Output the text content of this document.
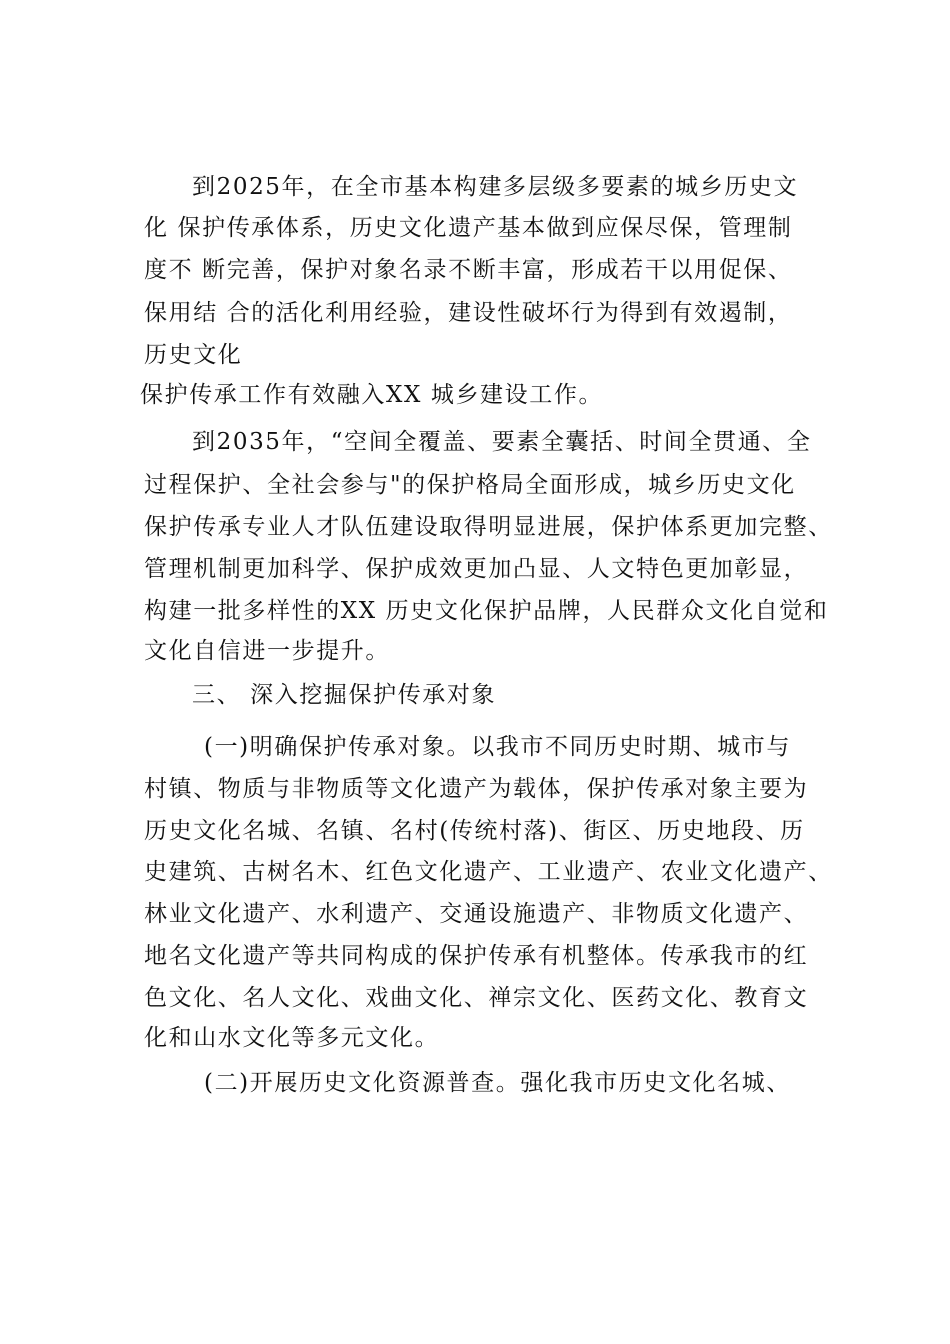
到2025年，在全市基本构建多层级多要素的城乡历史文
化 保护传承体系，历史文化遗产基本做到应保尽保，管理制
度不 断完善，保护对象名录不断丰富，形成若干以用促保、
保用结 合的活化利用经验，建设性破坏行为得到有效遏制，
历史文化
保护传承工作有效融入XX 城乡建设工作。
到2035年，“空间全覆盖、要素全囊括、时间全贯通、全
过程保护、全社会参与"的保护格局全面形成，城乡历史文化
保护传承专业人才队伍建设取得明显进展，保护体系更加完整、
管理机制更加科学、保护成效更加凸显、人文特色更加彰显，
构建一批多样性的XX 历史文化保护品牌，人民群众文化自觉和
文化自信进一步提升。
三、 深入挖掘保护传承对象
(一)明确保护传承对象。以我市不同历史时期、城市与
村镇、物质与非物质等文化遗产为载体，保护传承对象主要为
历史文化名城、名镇、名村(传统村落)、街区、历史地段、历
史建筑、古树名木、红色文化遗产、工业遗产、农业文化遗产、
林业文化遗产、水利遗产、交通设施遗产、非物质文化遗产、
地名文化遗产等共同构成的保护传承有机整体。传承我市的红
色文化、名人文化、戏曲文化、禅宗文化、医药文化、教育文
化和山水文化等多元文化。
(二)开展历史文化资源普查。强化我市历史文化名城、
